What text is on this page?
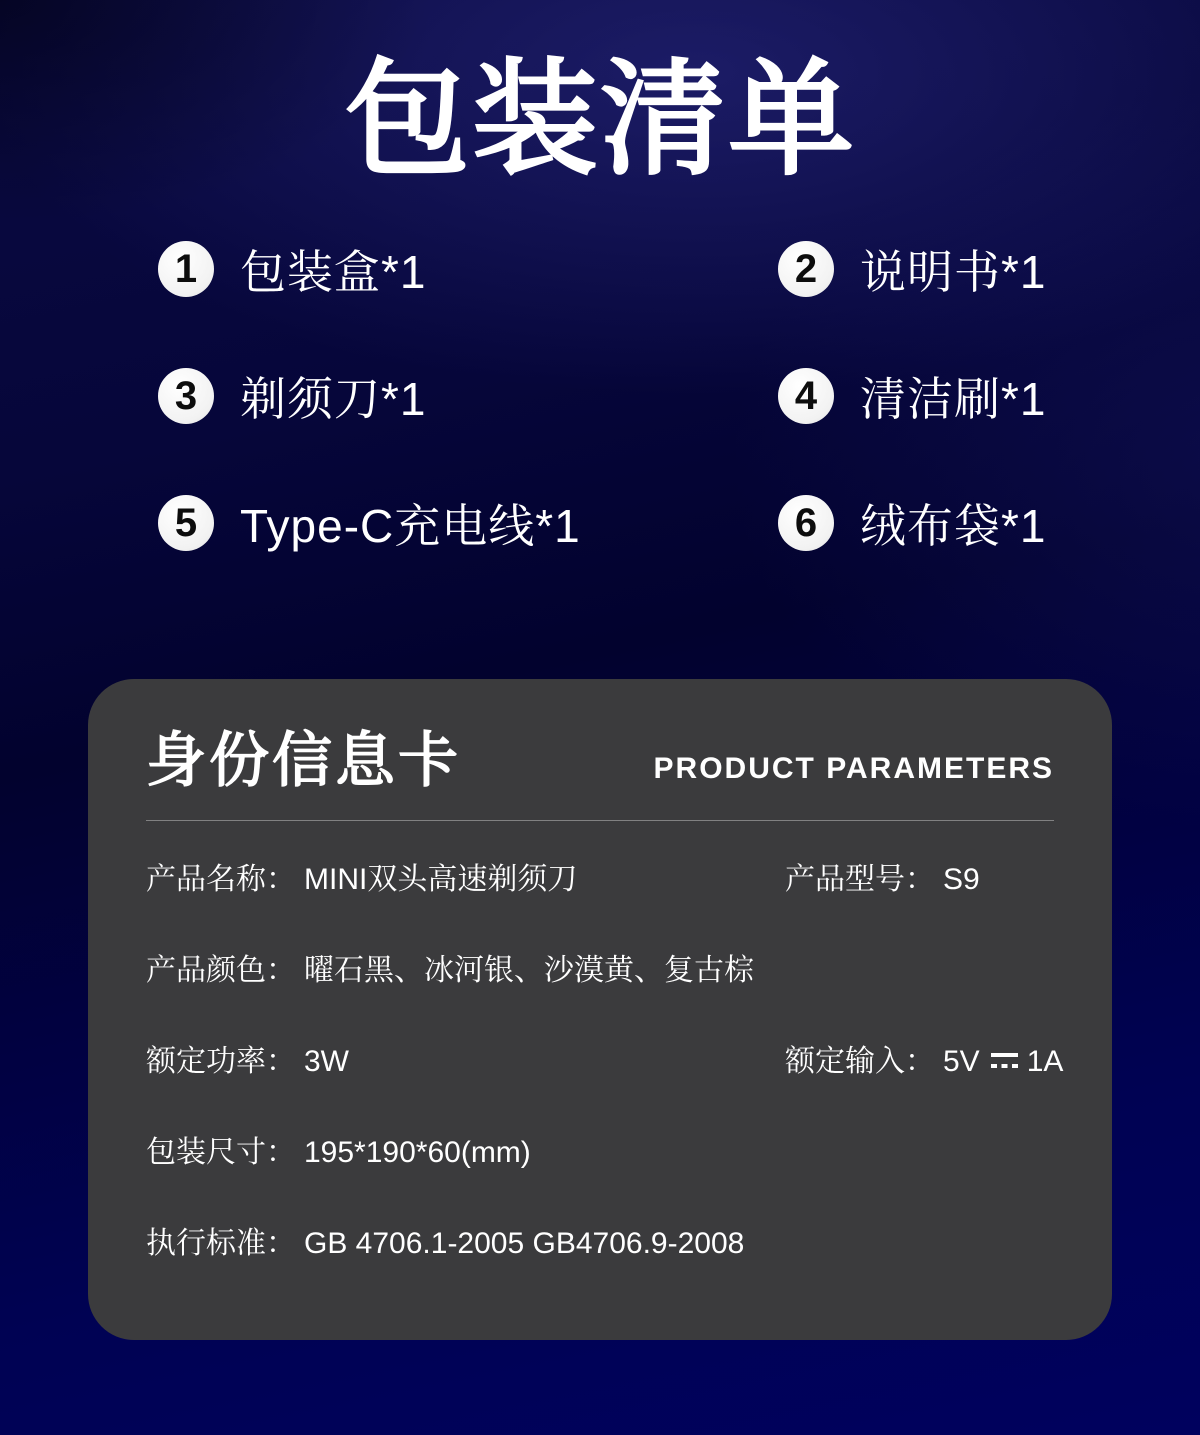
包装清单
1 包装盒*1	2 说明书*1
3 剃须刀*1	4 清洁刷*1
5 Type-C充电线*1	6 绒布袋*1
身份信息卡	PRODUCT PARAMETERS
产品名称： MINI双头高速剃须刀	产品型号： S9
产品颜色： 曜石黑、冰河银、沙漠黄、复古棕
额定功率： 3W	额定输入： 5V 1A
包装尺寸： 195*190*60(mm)
执行标准： GB 4706.1-2005 GB4706.9-2008
